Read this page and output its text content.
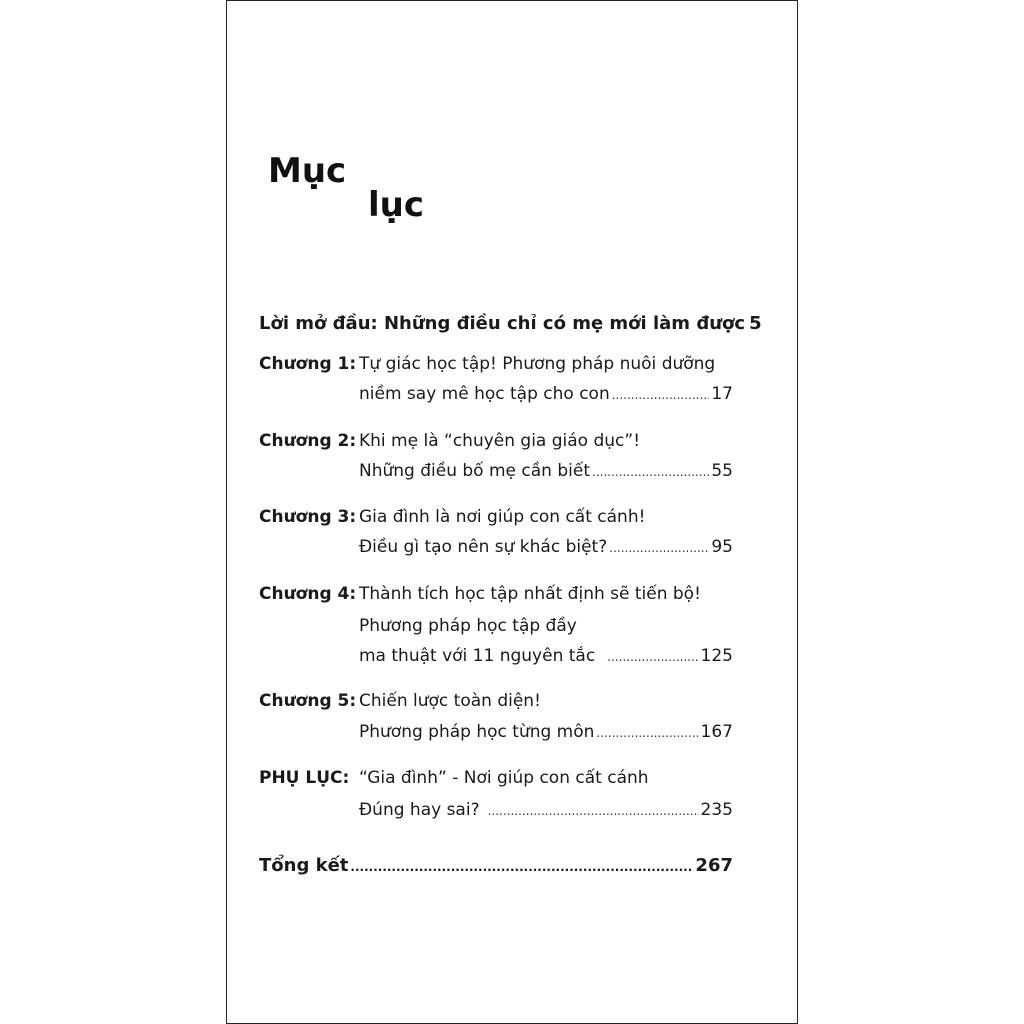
Mục
lục
Lời mở đầu: Những điều chỉ có mẹ mới làm được 5
Chương 1: Tự giác học tập! Phương pháp nuôi dưỡng
niềm say mê học tập cho con .....	17
Chương 2: Khi mẹ là “chuyên gia giáo dục”!
Những điều bố mẹ cần biết .....	55
Chương 3: Gia đình là nơi giúp con cất cánh!
Điều gì tạo nên sự khác biệt? .....	95
Chương 4: Thành tích học tập nhất định sẽ tiến bộ!
Phương pháp học tập đầy
ma thuật với 11 nguyên tắc .....	125
Chương 5: Chiến lược toàn diện!
Phương pháp học từng môn .....	167
PHỤ LỤC: “Gia đình” - Nơi giúp con cất cánh
Đúng hay sai? .....	235
Tổng kết .....	267
